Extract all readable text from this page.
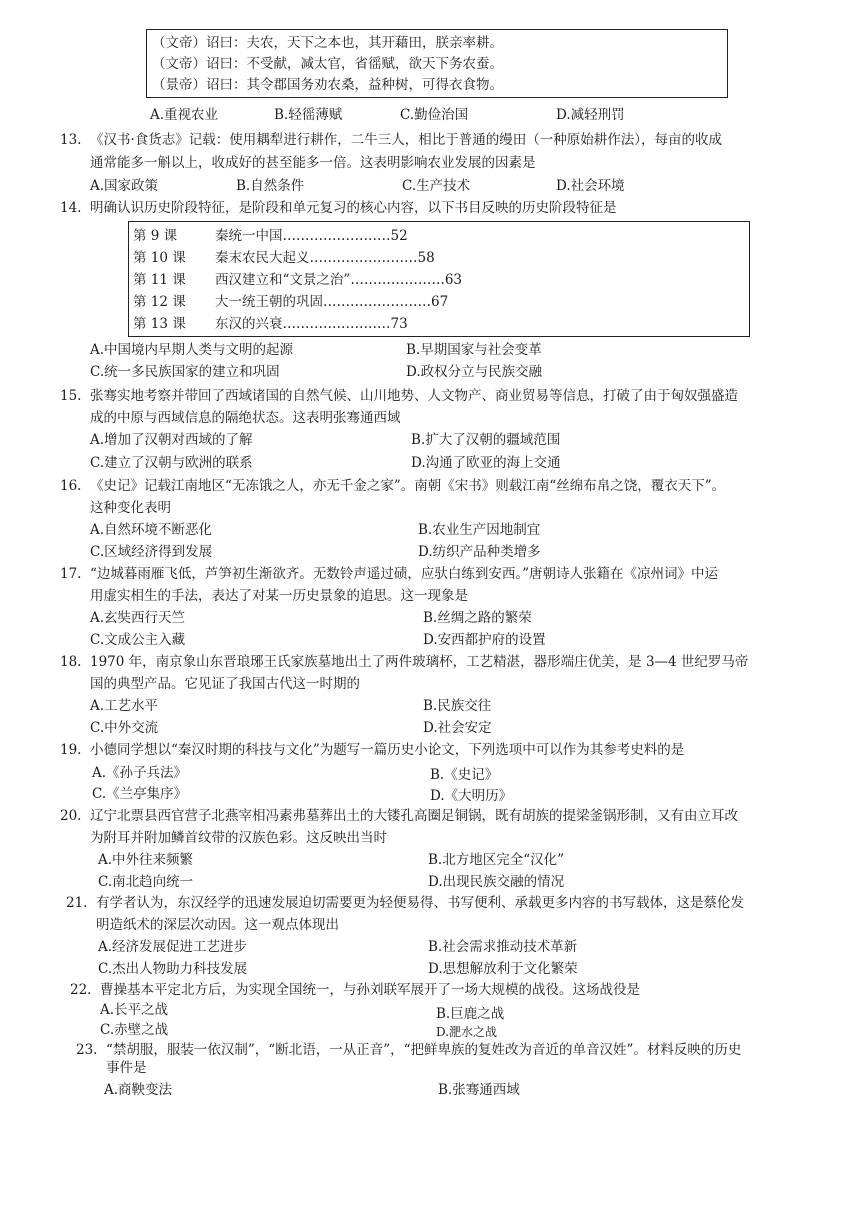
（文帝）诏曰：夫农，天下之本也，其开藉田，朕亲率耕。
（文帝）诏曰：不受献，减太官，省徭赋，欲天下务农蚕。
（景帝）诏曰：其令郡国务劝农桑，益种树，可得衣食物。
A.重视农业	B.轻徭薄赋	C.勤俭治国	D.减轻刑罚
13. 《汉书·食货志》记载：使用耦犁进行耕作，二牛三人，相比于普通的缦田（一种原始耕作法），每亩的收成
通常能多一斛以上，收成好的甚至能多一倍。这表明影响农业发展的因素是
A.国家政策	B.自然条件	C.生产技术	D.社会环境
14. 明确认识历史阶段特征，是阶段和单元复习的核心内容，以下书目反映的历史阶段特征是
第 9 课	秦统一中国……………………52
第 10 课 秦末农民大起义……………………58
第 11 课 西汉建立和“文景之治”…………………63
第 12 课 大一统王朝的巩固……………………67
第 13 课 东汉的兴衰……………………73
A.中国境内早期人类与文明的起源	B.早期国家与社会变革
C.统一多民族国家的建立和巩固	D.政权分立与民族交融
15. 张骞实地考察并带回了西域诸国的自然气候、山川地势、人文物产、商业贸易等信息，打破了由于匈奴强盛造
成的中原与西域信息的隔绝状态。这表明张骞通西域
A.增加了汉朝对西域的了解	B.扩大了汉朝的疆域范围
C.建立了汉朝与欧洲的联系	D.沟通了欧亚的海上交通
16. 《史记》记载江南地区“无冻饿之人，亦无千金之家”。南朝《宋书》则载江南“丝绵布帛之饶，覆衣天下”。
这种变化表明
A.自然环境不断恶化	B.农业生产因地制宜
C.区域经济得到发展	D.纺织产品种类增多
17. “边城暮雨雁飞低，芦笋初生渐欲齐。无数铃声遥过碛，应驮白练到安西。”唐朝诗人张籍在《凉州词》中运
用虚实相生的手法，表达了对某一历史景象的追思。这一现象是
A.玄奘西行天竺	B.丝绸之路的繁荣
C.文成公主入藏	D.安西都护府的设置
18. 1970 年，南京象山东晋琅琊王氏家族墓地出土了两件玻璃杯，工艺精湛，器形端庄优美，是 3—4 世纪罗马帝
国的典型产品。它见证了我国古代这一时期的
A.工艺水平	B.民族交往
C.中外交流	D.社会安定
19. 小德同学想以“秦汉时期的科技与文化”为题写一篇历史小论文，下列选项中可以作为其参考史料的是
A.《孙子兵法》	B.《史记》
C.《兰亭集序》	D.《大明历》
20. 辽宁北票县西官营子北燕宰相冯素弗墓葬出土的大镂孔高圈足铜锅，既有胡族的提梁釜锅形制，又有由立耳改
为附耳并附加鳞首纹带的汉族色彩。这反映出当时
A.中外往来频繁	B.北方地区完全“汉化”
C.南北趋向统一	D.出现民族交融的情况
21. 有学者认为，东汉经学的迅速发展迫切需要更为轻便易得、书写便利、承载更多内容的书写载体，这是蔡伦发
明造纸术的深层次动因。这一观点体现出
A.经济发展促进工艺进步	B.社会需求推动技术革新
C.杰出人物助力科技发展	D.思想解放利于文化繁荣
22. 曹操基本平定北方后，为实现全国统一，与孙刘联军展开了一场大规模的战役。这场战役是
A.长平之战	B.巨鹿之战
C.赤壁之战	D.淝水之战
23. “禁胡服，服装一依汉制”，“断北语，一从正音”，“把鲜卑族的复姓改为音近的单音汉姓”。材料反映的历史
事件是
A.商鞅变法	B.张骞通西域
